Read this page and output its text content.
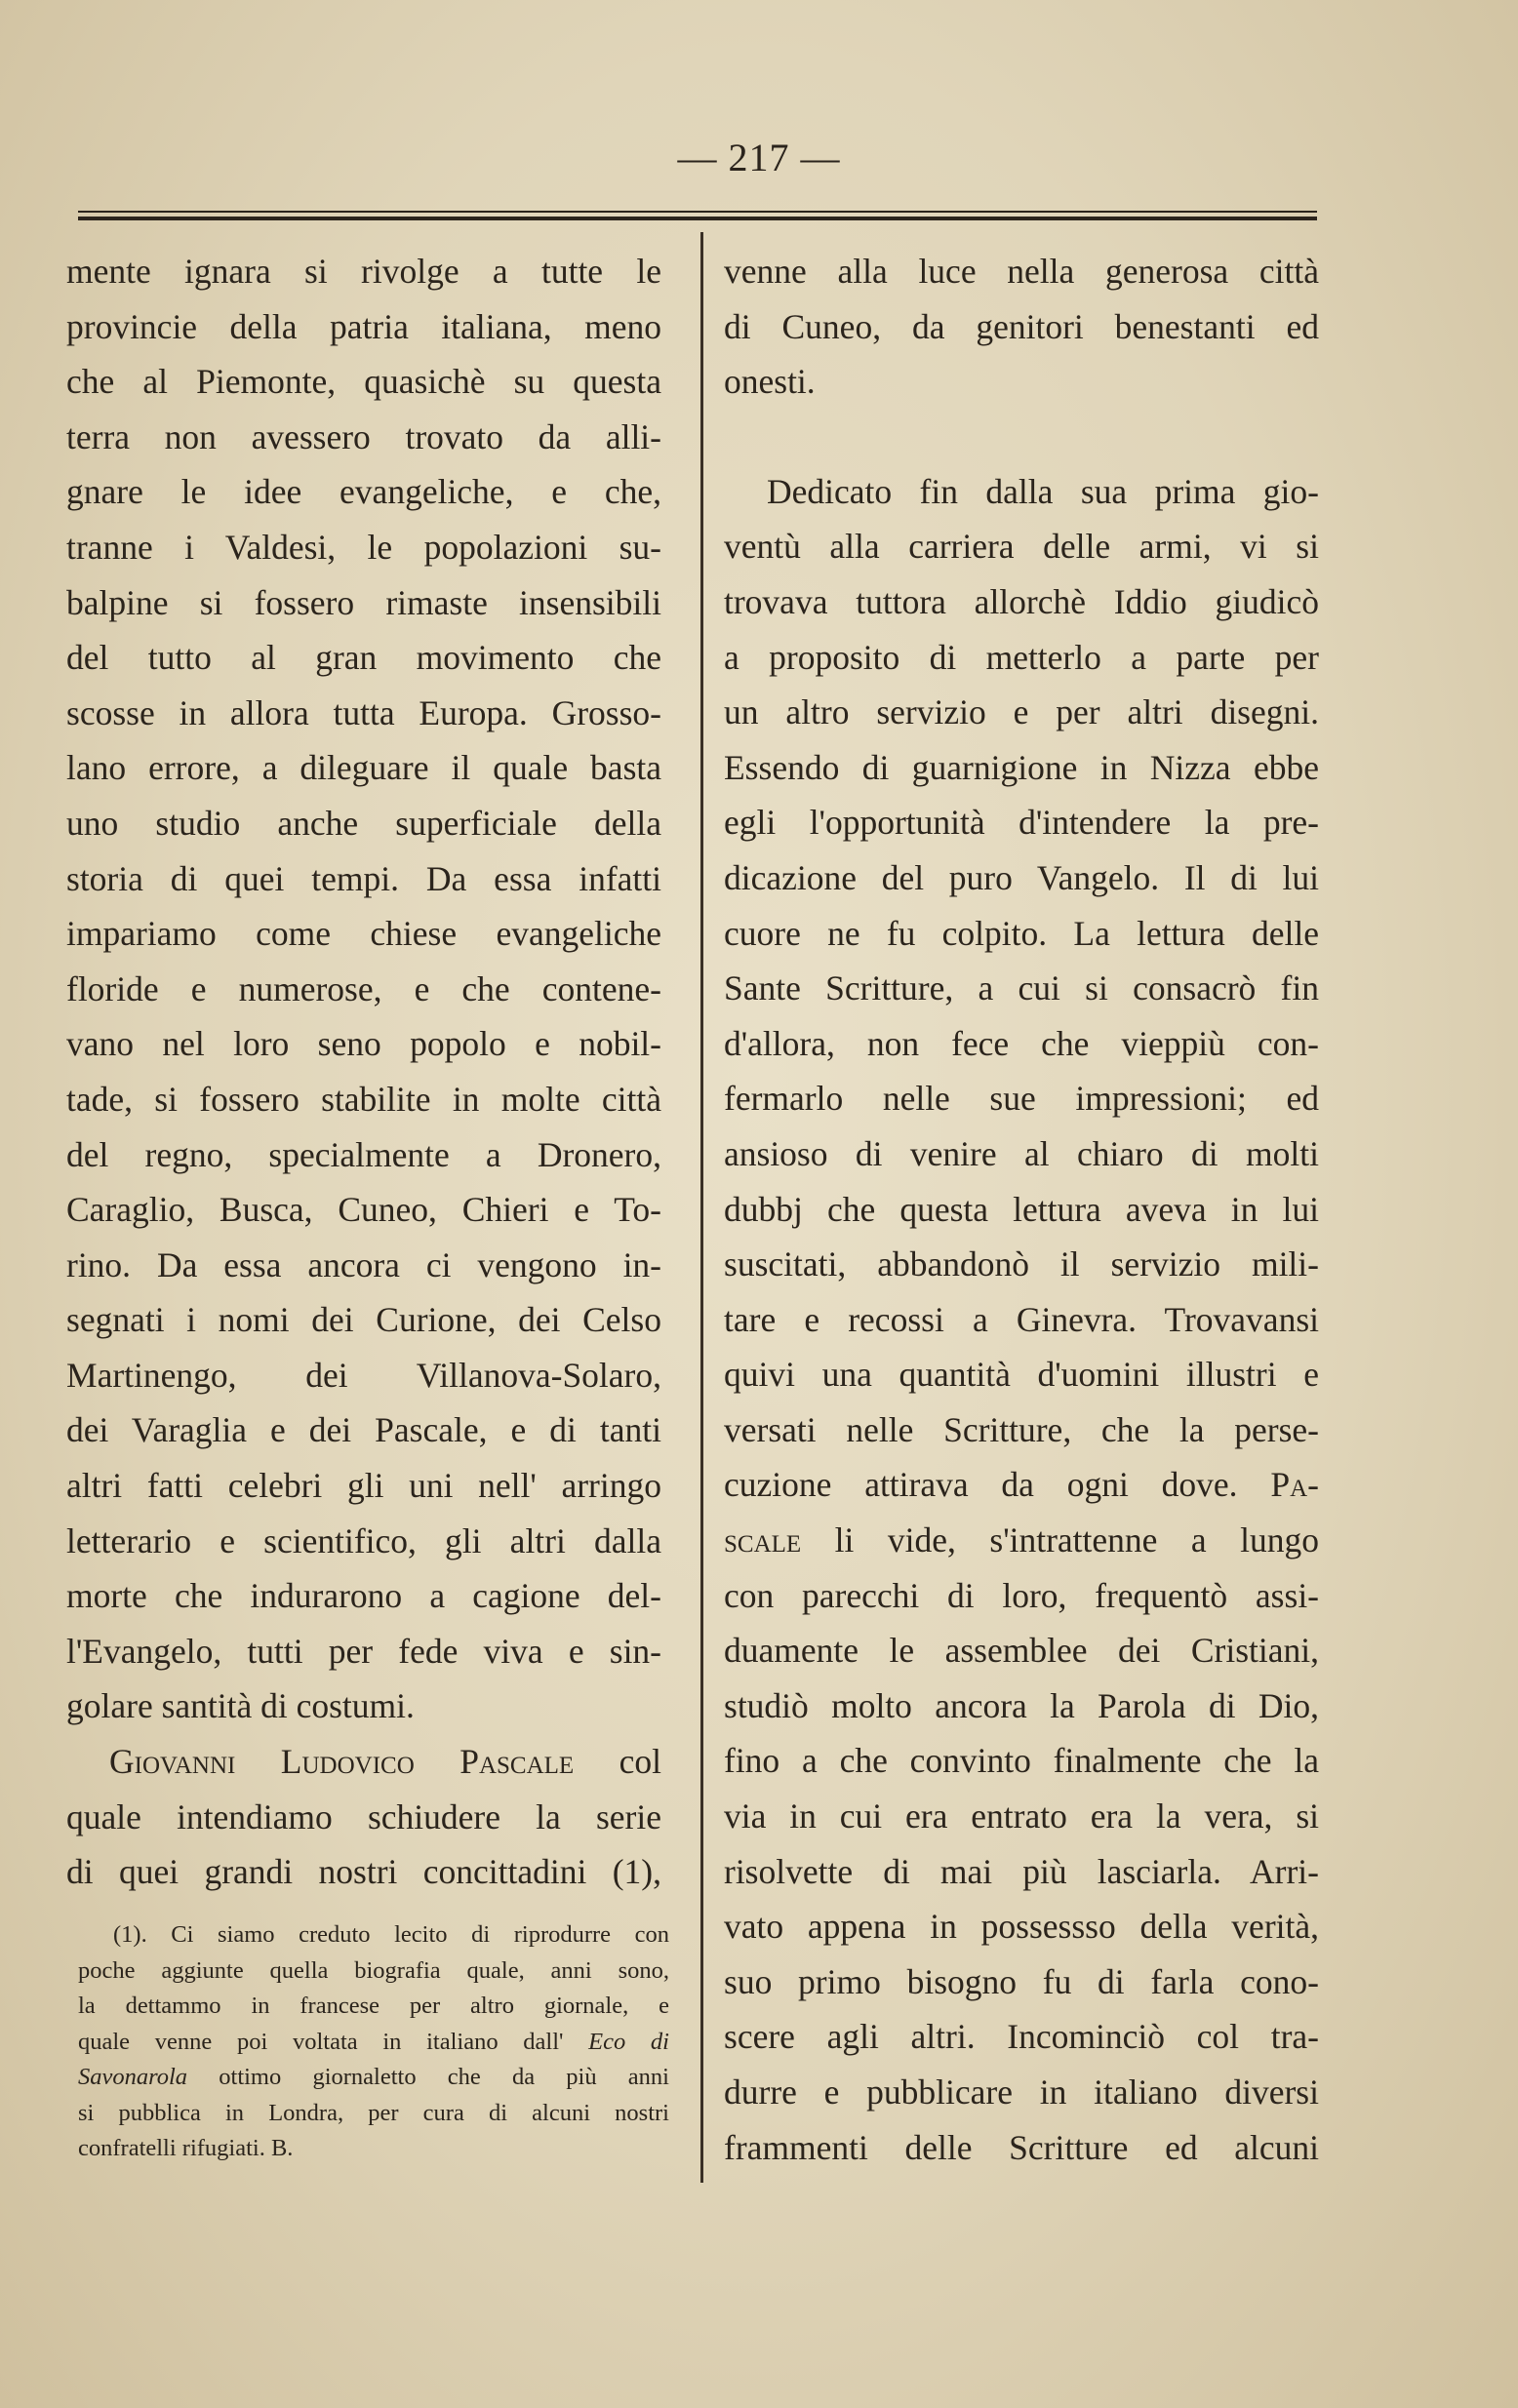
— 217 —
mente ignara si rivolge a tutte le
provincie della patria italiana, meno
che al Piemonte, quasichè su questa
terra non avessero trovato da alli-
gnare le idee evangeliche, e che,
tranne i Valdesi, le popolazioni su-
balpine si fossero rimaste insensibili
del tutto al gran movimento che
scosse in allora tutta Europa. Grosso-
lano errore, a dileguare il quale basta
uno studio anche superficiale della
storia di quei tempi. Da essa infatti
impariamo come chiese evangeliche
floride e numerose, e che contene-
vano nel loro seno popolo e nobil-
tade, si fossero stabilite in molte città
del regno, specialmente a Dronero,
Caraglio, Busca, Cuneo, Chieri e To-
rino. Da essa ancora ci vengono in-
segnati i nomi dei Curione, dei Celso
Martinengo, dei Villanova-Solaro,
dei Varaglia e dei Pascale, e di tanti
altri fatti celebri gli uni nell' arringo
letterario e scientifico, gli altri dalla
morte che indurarono a cagione del-
l'Evangelo, tutti per fede viva e sin-
golare santità di costumi.
Giovanni Ludovico Pascale col
quale intendiamo schiudere la serie
di quei grandi nostri concittadini (1),
(1). Ci siamo creduto lecito di riprodurre con
poche aggiunte quella biografia quale, anni sono,
la dettammo in francese per altro giornale, e
quale venne poi voltata in italiano dall' Eco di
Savonarola ottimo giornaletto che da più anni
si pubblica in Londra, per cura di alcuni nostri
confratelli rifugiati. B.
venne alla luce nella generosa città
di Cuneo, da genitori benestanti ed
onesti.
Dedicato fin dalla sua prima gio-
ventù alla carriera delle armi, vi si
trovava tuttora allorchè Iddio giudicò
a proposito di metterlo a parte per
un altro servizio e per altri disegni.
Essendo di guarnigione in Nizza ebbe
egli l'opportunità d'intendere la pre-
dicazione del puro Vangelo. Il di lui
cuore ne fu colpito. La lettura delle
Sante Scritture, a cui si consacrò fin
d'allora, non fece che vieppiù con-
fermarlo nelle sue impressioni; ed
ansioso di venire al chiaro di molti
dubbj che questa lettura aveva in lui
suscitati, abbandonò il servizio mili-
tare e recossi a Ginevra. Trovavansi
quivi una quantità d'uomini illustri e
versati nelle Scritture, che la perse-
cuzione attirava da ogni dove. Pa-
scale li vide, s'intrattenne a lungo
con parecchi di loro, frequentò assi-
duamente le assemblee dei Cristiani,
studiò molto ancora la Parola di Dio,
fino a che convinto finalmente che la
via in cui era entrato era la vera, si
risolvette di mai più lasciarla. Arri-
vato appena in possessso della verità,
suo primo bisogno fu di farla cono-
scere agli altri. Incominciò col tra-
durre e pubblicare in italiano diversi
frammenti delle Scritture ed alcuni
